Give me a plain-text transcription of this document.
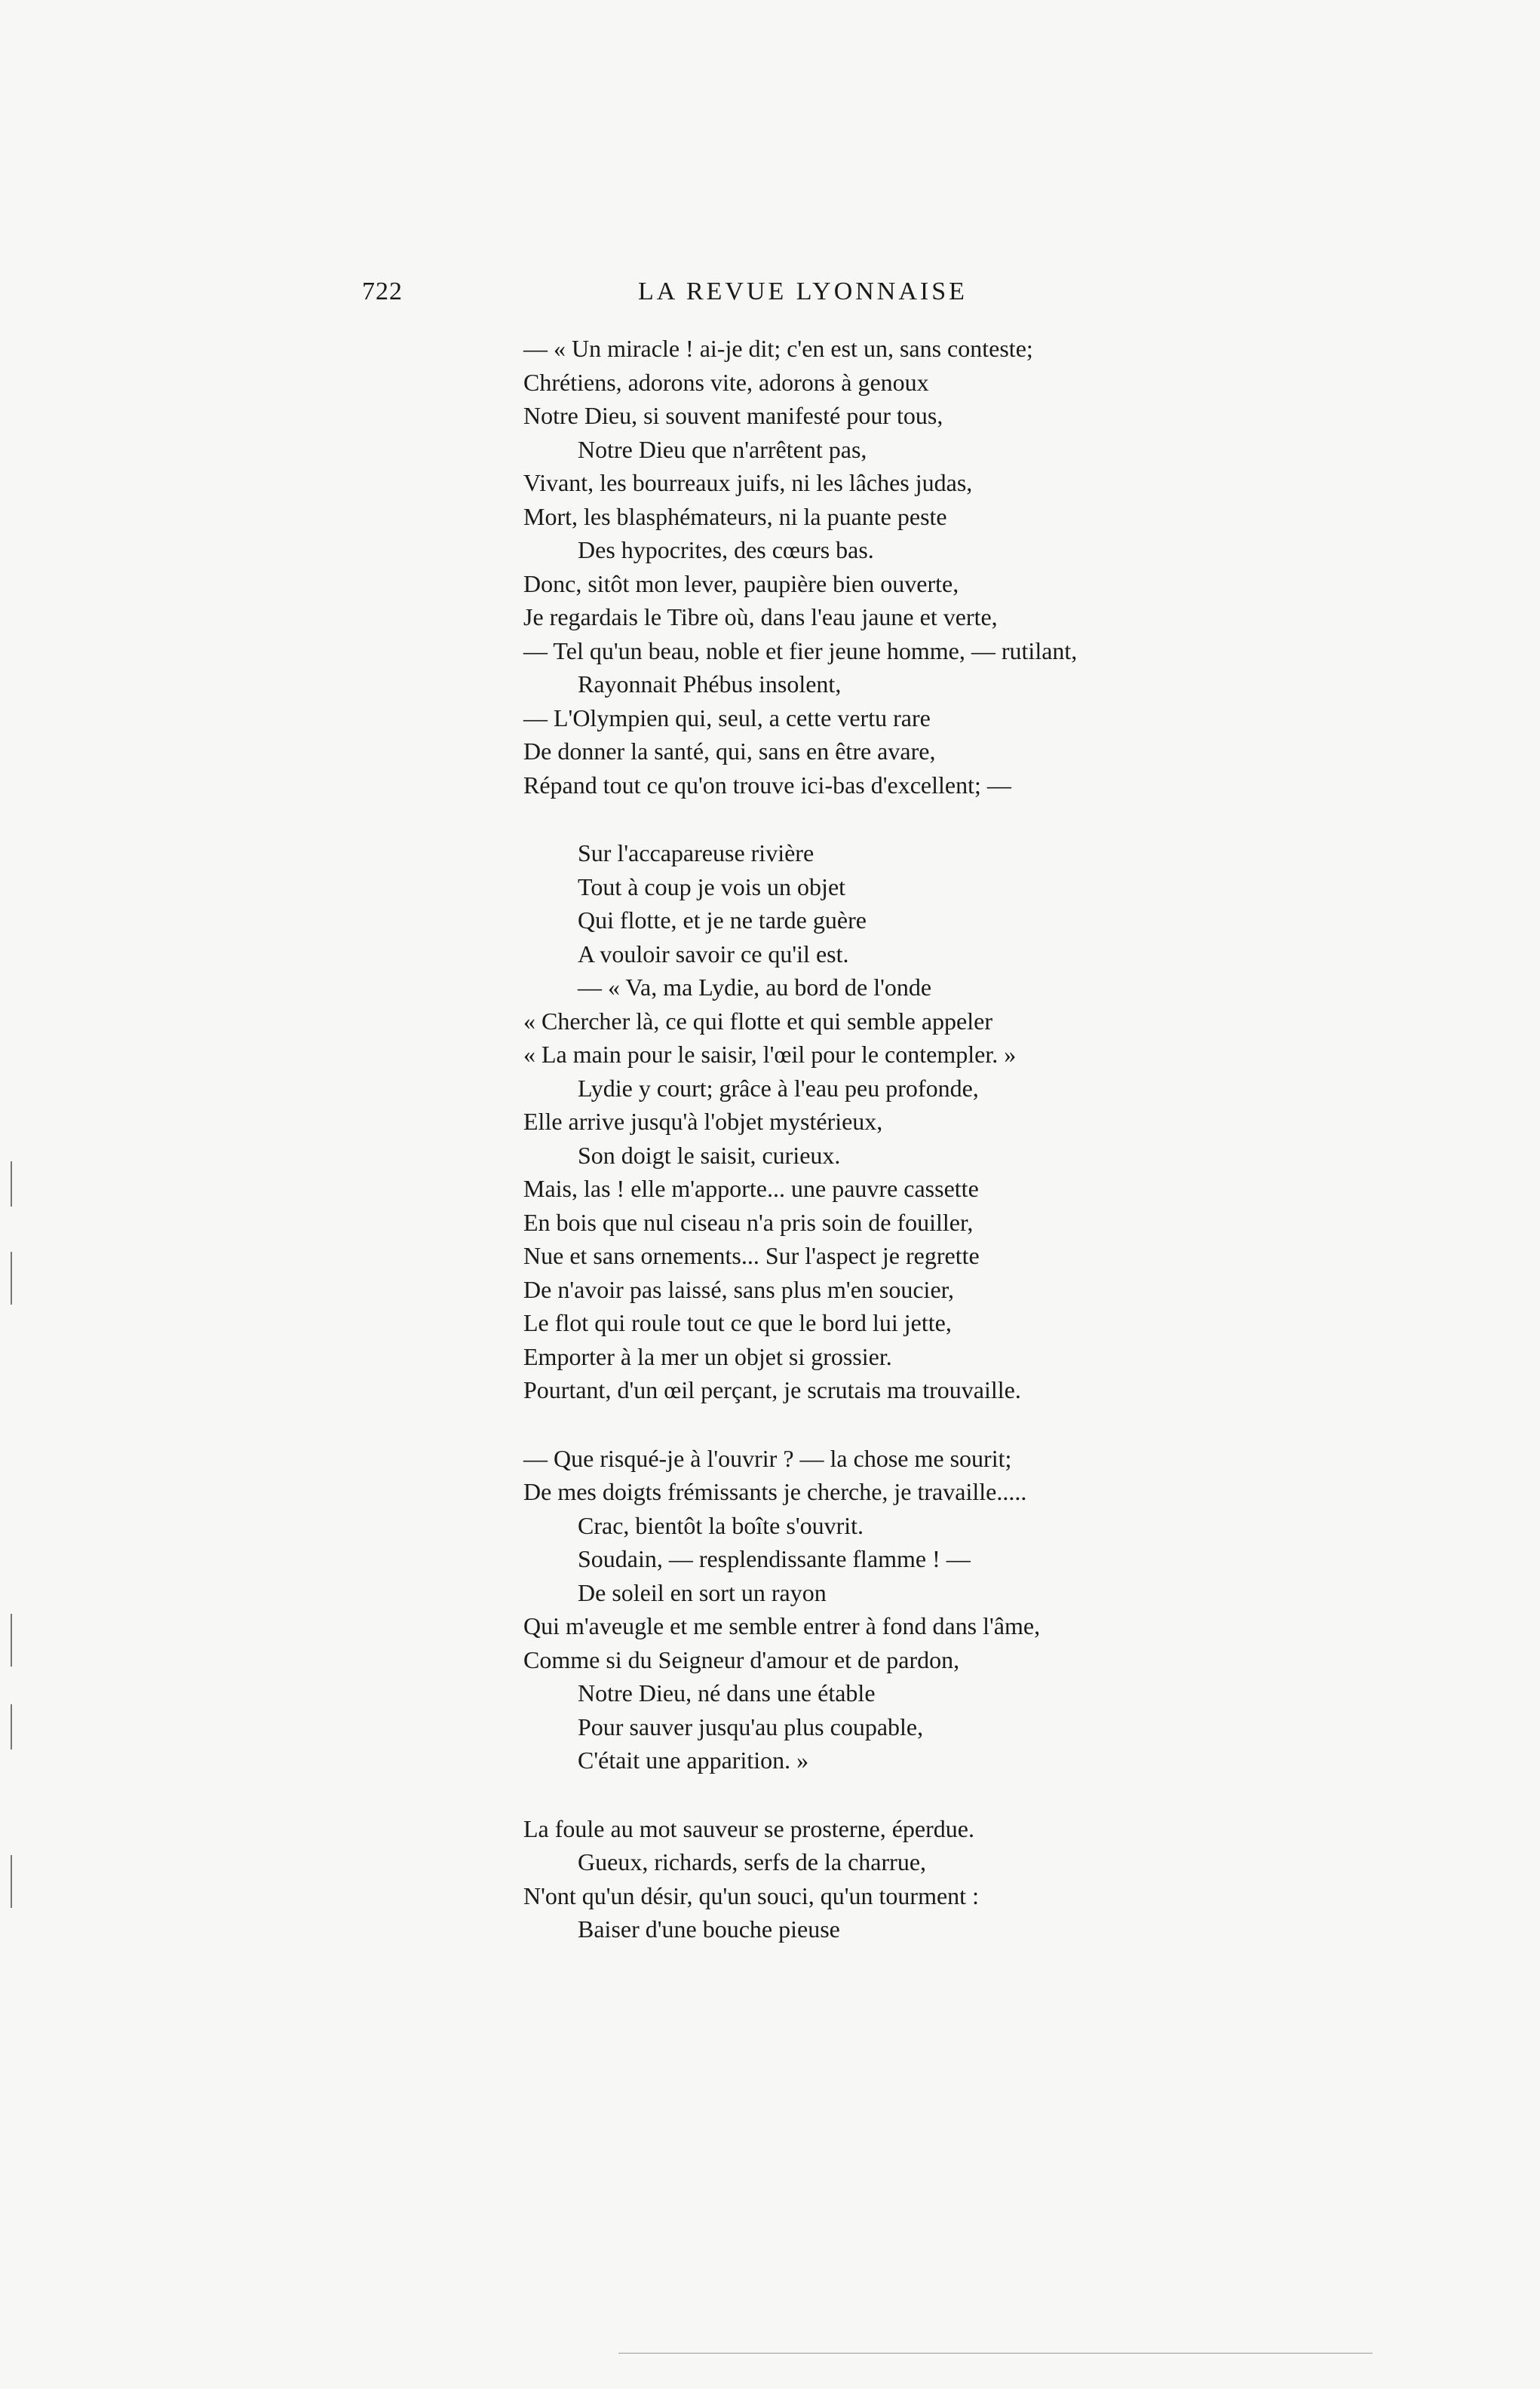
722	LA REVUE LYONNAISE
— « Un miracle ! ai-je dit; c'en est un, sans conteste;
Chrétiens, adorons vite, adorons à genoux
Notre Dieu, si souvent manifesté pour tous,
Notre Dieu que n'arrêtent pas,
Vivant, les bourreaux juifs, ni les lâches judas,
Mort, les blasphémateurs, ni la puante peste
Des hypocrites, des cœurs bas.
Donc, sitôt mon lever, paupière bien ouverte,
Je regardais le Tibre où, dans l'eau jaune et verte,
— Tel qu'un beau, noble et fier jeune homme, — rutilant,
Rayonnait Phébus insolent,
— L'Olympien qui, seul, a cette vertu rare
De donner la santé, qui, sans en être avare,
Répand tout ce qu'on trouve ici-bas d'excellent; —
Sur l'accapareuse rivière
Tout à coup je vois un objet
Qui flotte, et je ne tarde guère
A vouloir savoir ce qu'il est.
— « Va, ma Lydie, au bord de l'onde
« Chercher là, ce qui flotte et qui semble appeler
« La main pour le saisir, l'œil pour le contempler. »
Lydie y court; grâce à l'eau peu profonde,
Elle arrive jusqu'à l'objet mystérieux,
Son doigt le saisit, curieux.
Mais, las ! elle m'apporte... une pauvre cassette
En bois que nul ciseau n'a pris soin de fouiller,
Nue et sans ornements... Sur l'aspect je regrette
De n'avoir pas laissé, sans plus m'en soucier,
Le flot qui roule tout ce que le bord lui jette,
Emporter à la mer un objet si grossier.
Pourtant, d'un œil perçant, je scrutais ma trouvaille.
— Que risqué-je à l'ouvrir ? — la chose me sourit;
De mes doigts frémissants je cherche, je travaille.....
Crac, bientôt la boîte s'ouvrit.
Soudain, — resplendissante flamme ! —
De soleil en sort un rayon
Qui m'aveugle et me semble entrer à fond dans l'âme,
Comme si du Seigneur d'amour et de pardon,
Notre Dieu, né dans une étable
Pour sauver jusqu'au plus coupable,
C'était une apparition. »
La foule au mot sauveur se prosterne, éperdue.
Gueux, richards, serfs de la charrue,
N'ont qu'un désir, qu'un souci, qu'un tourment :
Baiser d'une bouche pieuse
